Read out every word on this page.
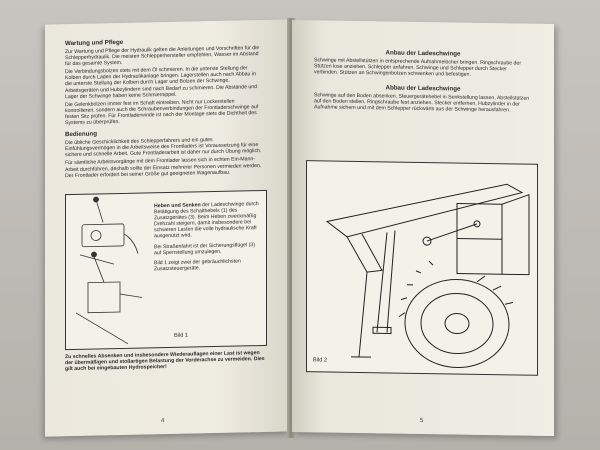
Wartung und Pflege

Zur Wartung und Pflege der Hydraulik gelten die Anleitungen und Vorschriften für die Schlepperhydraulik. Die meisten Schlepperhersteller empfehlen, Wasser im Abstand für das gesamte System.

Die Verbindungsbolzen stets mit dem Öl schmieren. In die unterste Stellung der Kolben durch Laden der Hydraulikanlage bringen. Lagerstellen auch nach Abbau in die unterste Stellung der Kolben durch Lager und Bolzen der Schwinge, Arbeitsgeräten und Hubzylindern sind nach Bedarf zu schmieren. Die Abstände und Lager der Schwinge haben keine Schmiernippel.

Die Gelenkbolzen immer fest im Schaft eintreiben. Nicht nur Lockerstellen kontrollieren, sondern auch die Schraubenverbindungen der Frontladerschwinge auf festen Sitz prüfen. Für Frontladerwinde ist nach der Montage stets die Dichtheit des Systems zu überprüfen.

Bedienung

Die übliche Geschicklichkeit des Schlepperfahrers und ein gutes Einfühlungsvermögen in die Arbeitsweise des Frontladers ist Voraussetzung für eine sichere und schnelle Arbeit. Gute Frontladerarbeit ist daher nur durch Übung möglich.

Für sämtliche Arbeitsvorgänge mit dem Frontlader lassen sich in echten Ein-Mann-Arbeit durchführen, deshalb sollte der Einsatz mehrerer Personen vermieden werden. Der Frontlader erfordert bei seiner Größe gut geeigneten Wagenaufbau.

Heben und Senken der Ladeschwinge durch Betätigung des Schalthebels (1) des Zusatzgerätes (3). Beim Heben zweckmäßig Drehzahl steigern, damit insbesondere bei schweren Lasten die volle hydraulische Kraft ausgenutzt wird.

Bei Straßenfahrt ist der Sicherungsflügel (3) auf Sperrstellung umzulegen.

Bild 1 zeigt zwei der gebräuchlichsten Zusatzsteuergeräte.

Bild 1

Zu schnelles Absenken und insbesondere Wiederauflagen einer Last ist wegen der übermäßigen und stoßartigen Belastung der Vorderachse zu vermeiden. Dies gilt auch bei eingebauten Hydrospeicher!

4

Anbau der Ladeschwinge

Schwinge mit Abstellstützen in entsprechende Aufnahmelöcher bringen. Ringschraube der Stützen lose anziehen. Schlepper anfahren. Schwinge und Schlepper durch Stecker verbinden. Stützen an Schwingenbolzen schwenken und befestigen.

Abbau der Ladeschwinge

Schwinge auf den Boden absenken, Steuergerätehebel in Senkstellung lassen, Abstellstützen auf den Boden stellen, Ringschraube fest anziehen. Stecker entfernen, Hubzylinder in der Aufnahme sichern und mit dem Schlepper rückwärts aus der Schwinge herausfahren.

Bild 2
5
